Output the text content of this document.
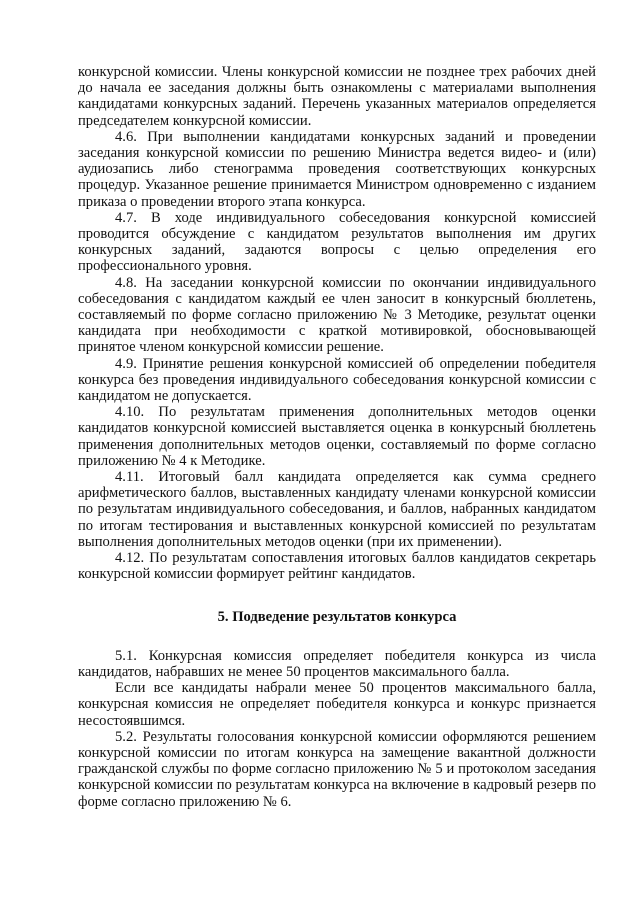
конкурсной комиссии. Члены конкурсной комиссии не позднее трех рабочих дней до начала ее заседания должны быть ознакомлены с материалами выполнения кандидатами конкурсных заданий. Перечень указанных материалов определяется председателем конкурсной комиссии.

4.6. При выполнении кандидатами конкурсных заданий и проведении заседания конкурсной комиссии по решению Министра ведется видео- и (или) аудиозапись либо стенограмма проведения соответствующих конкурсных процедур. Указанное решение принимается Министром одновременно с изданием приказа о проведении второго этапа конкурса.

4.7. В ходе индивидуального собеседования конкурсной комиссией проводится обсуждение с кандидатом результатов выполнения им других конкурсных заданий, задаются вопросы с целью определения его профессионального уровня.

4.8. На заседании конкурсной комиссии по окончании индивидуального собеседования с кандидатом каждый ее член заносит в конкурсный бюллетень, составляемый по форме согласно приложению № 3 Методике, результат оценки кандидата при необходимости с краткой мотивировкой, обосновывающей принятое членом конкурсной комиссии решение.

4.9. Принятие решения конкурсной комиссией об определении победителя конкурса без проведения индивидуального собеседования конкурсной комиссии с кандидатом не допускается.

4.10. По результатам применения дополнительных методов оценки кандидатов конкурсной комиссией выставляется оценка в конкурсный бюллетень применения дополнительных методов оценки, составляемый по форме согласно приложению № 4 к Методике.

4.11. Итоговый балл кандидата определяется как сумма среднего арифметического баллов, выставленных кандидату членами конкурсной комиссии по результатам индивидуального собеседования, и баллов, набранных кандидатом по итогам тестирования и выставленных конкурсной комиссией по результатам выполнения дополнительных методов оценки (при их применении).

4.12. По результатам сопоставления итоговых баллов кандидатов секретарь конкурсной комиссии формирует рейтинг кандидатов.

5. Подведение результатов конкурса

5.1. Конкурсная комиссия определяет победителя конкурса из числа кандидатов, набравших не менее 50 процентов максимального балла.

Если все кандидаты набрали менее 50 процентов максимального балла, конкурсная комиссия не определяет победителя конкурса и конкурс признается несостоявшимся.

5.2. Результаты голосования конкурсной комиссии оформляются решением конкурсной комиссии по итогам конкурса на замещение вакантной должности гражданской службы по форме согласно приложению № 5 и протоколом заседания конкурсной комиссии по результатам конкурса на включение в кадровый резерв по форме согласно приложению № 6.
